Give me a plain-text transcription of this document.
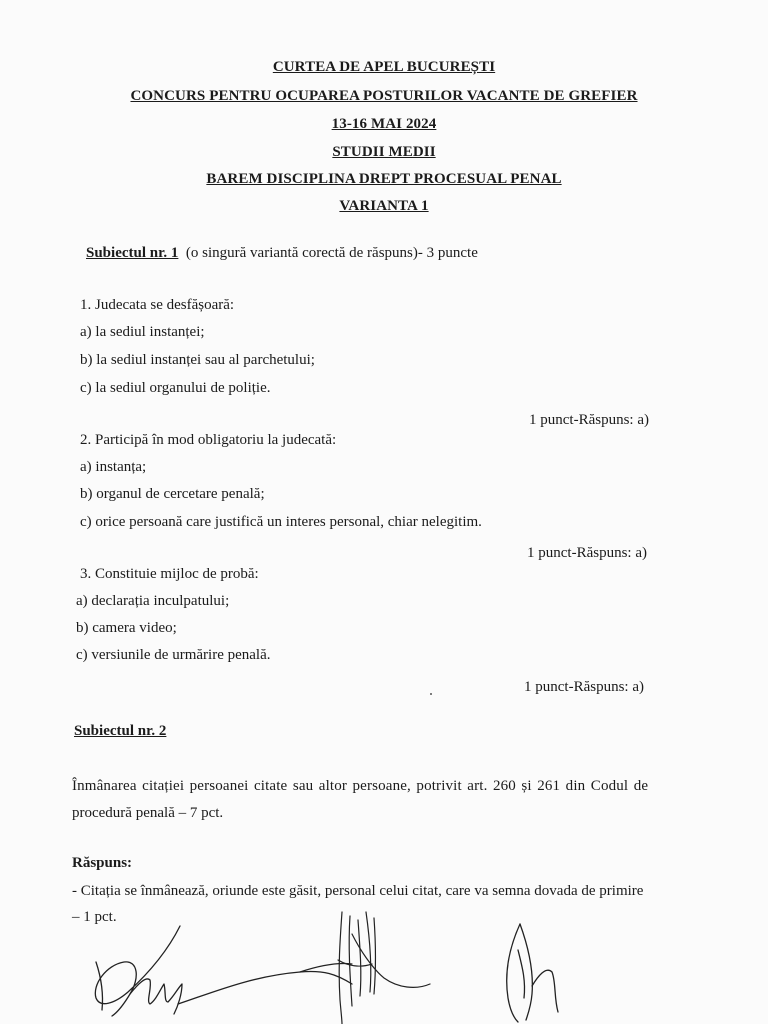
CURTEA DE APEL BUCUREȘTI
CONCURS PENTRU OCUPAREA POSTURILOR VACANTE DE GREFIER
13-16 MAI 2024
STUDII MEDII
BAREM DISCIPLINA DREPT PROCESUAL PENAL
VARIANTA 1
Subiectul nr. 1 (o singură variantă corectă de răspuns)- 3 puncte
1. Judecata se desfășoară:
a) la sediul instanței;
b) la sediul instanței sau al parchetului;
c) la sediul organului de poliție.
1 punct-Răspuns: a)
2. Participă în mod obligatoriu la judecată:
a) instanța;
b) organul de cercetare penală;
c) orice persoană care justifică un interes personal, chiar nelegitim.
1 punct-Răspuns: a)
3. Constituie mijloc de probă:
a) declarația inculpatului;
b) camera video;
c) versiunile de urmărire penală.
1 punct-Răspuns: a)
Subiectul nr. 2
Înmânarea citației persoanei citate sau altor persoane, potrivit art. 260 și 261 din Codul de
procedură penală – 7 pct.
Răspuns:
- Citația se înmânează, oriunde este găsit, personal celui citat, care va semna dovada de primire
– 1 pct.
